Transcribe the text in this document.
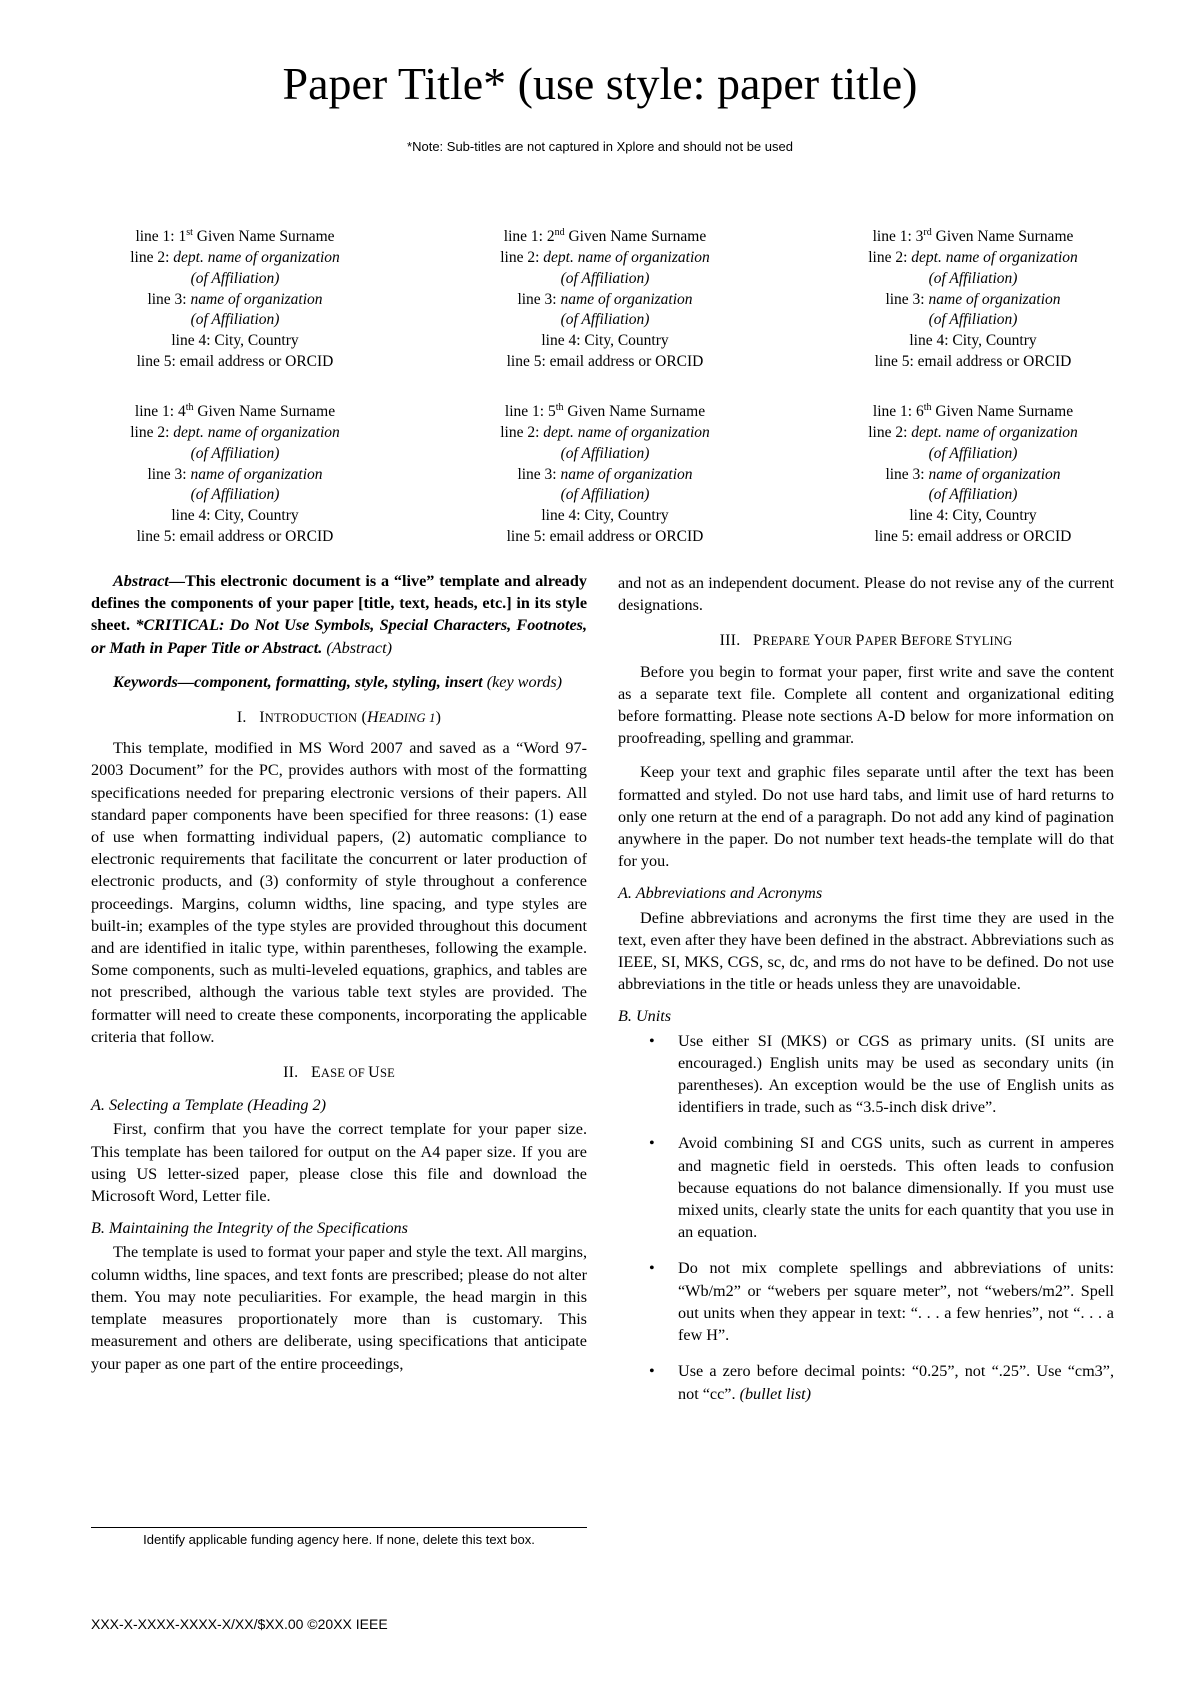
Paper Title* (use style: paper title)
*Note: Sub-titles are not captured in Xplore and should not be used
line 1: 1st Given Name Surname
line 2: dept. name of organization
(of Affiliation)
line 3: name of organization
(of Affiliation)
line 4: City, Country
line 5: email address or ORCID
line 1: 2nd Given Name Surname
line 2: dept. name of organization
(of Affiliation)
line 3: name of organization
(of Affiliation)
line 4: City, Country
line 5: email address or ORCID
line 1: 3rd Given Name Surname
line 2: dept. name of organization
(of Affiliation)
line 3: name of organization
(of Affiliation)
line 4: City, Country
line 5: email address or ORCID
line 1: 4th Given Name Surname
line 2: dept. name of organization
(of Affiliation)
line 3: name of organization
(of Affiliation)
line 4: City, Country
line 5: email address or ORCID
line 1: 5th Given Name Surname
line 2: dept. name of organization
(of Affiliation)
line 3: name of organization
(of Affiliation)
line 4: City, Country
line 5: email address or ORCID
line 1: 6th Given Name Surname
line 2: dept. name of organization
(of Affiliation)
line 3: name of organization
(of Affiliation)
line 4: City, Country
line 5: email address or ORCID

Abstract—This electronic document is a “live” template and already defines the components of your paper [title, text, heads, etc.] in its style sheet. *CRITICAL: Do Not Use Symbols, Special Characters, Footnotes, or Math in Paper Title or Abstract. (Abstract)

Keywords—component, formatting, style, styling, insert (key words)

I. INTRODUCTION (HEADING 1)

This template, modified in MS Word 2007 and saved as a “Word 97-2003 Document” for the PC, provides authors with most of the formatting specifications needed for preparing electronic versions of their papers. All standard paper components have been specified for three reasons: (1) ease of use when formatting individual papers, (2) automatic compliance to electronic requirements that facilitate the concurrent or later production of electronic products, and (3) conformity of style throughout a conference proceedings. Margins, column widths, line spacing, and type styles are built-in; examples of the type styles are provided throughout this document and are identified in italic type, within parentheses, following the example. Some components, such as multi-leveled equations, graphics, and tables are not prescribed, although the various table text styles are provided. The formatter will need to create these components, incorporating the applicable criteria that follow.

II. EASE OF USE
A. Selecting a Template (Heading 2)

First, confirm that you have the correct template for your paper size. This template has been tailored for output on the A4 paper size. If you are using US letter-sized paper, please close this file and download the Microsoft Word, Letter file.

B. Maintaining the Integrity of the Specifications

The template is used to format your paper and style the text. All margins, column widths, line spaces, and text fonts are prescribed; please do not alter them. You may note peculiarities. For example, the head margin in this template measures proportionately more than is customary. This measurement and others are deliberate, using specifications that anticipate your paper as one part of the entire proceedings,

and not as an independent document. Please do not revise any of the current designations.

III. PREPARE YOUR PAPER BEFORE STYLING

Before you begin to format your paper, first write and save the content as a separate text file. Complete all content and organizational editing before formatting. Please note sections A-D below for more information on proofreading, spelling and grammar.

Keep your text and graphic files separate until after the text has been formatted and styled. Do not use hard tabs, and limit use of hard returns to only one return at the end of a paragraph. Do not add any kind of pagination anywhere in the paper. Do not number text heads-the template will do that for you.

A. Abbreviations and Acronyms

Define abbreviations and acronyms the first time they are used in the text, even after they have been defined in the abstract. Abbreviations such as IEEE, SI, MKS, CGS, sc, dc, and rms do not have to be defined. Do not use abbreviations in the title or heads unless they are unavoidable.

B. Units
• Use either SI (MKS) or CGS as primary units. (SI units are encouraged.) English units may be used as secondary units (in parentheses). An exception would be the use of English units as identifiers in trade, such as “3.5-inch disk drive”.
• Avoid combining SI and CGS units, such as current in amperes and magnetic field in oersteds. This often leads to confusion because equations do not balance dimensionally. If you must use mixed units, clearly state the units for each quantity that you use in an equation.
• Do not mix complete spellings and abbreviations of units: “Wb/m2” or “webers per square meter”, not “webers/m2”. Spell out units when they appear in text: “. . . a few henries”, not “. . . a few H”.
• Use a zero before decimal points: “0.25”, not “.25”. Use “cm3”, not “cc”. (bullet list)
Identify applicable funding agency here. If none, delete this text box.
XXX-X-XXXX-XXXX-X/XX/$XX.00 ©20XX IEEE
